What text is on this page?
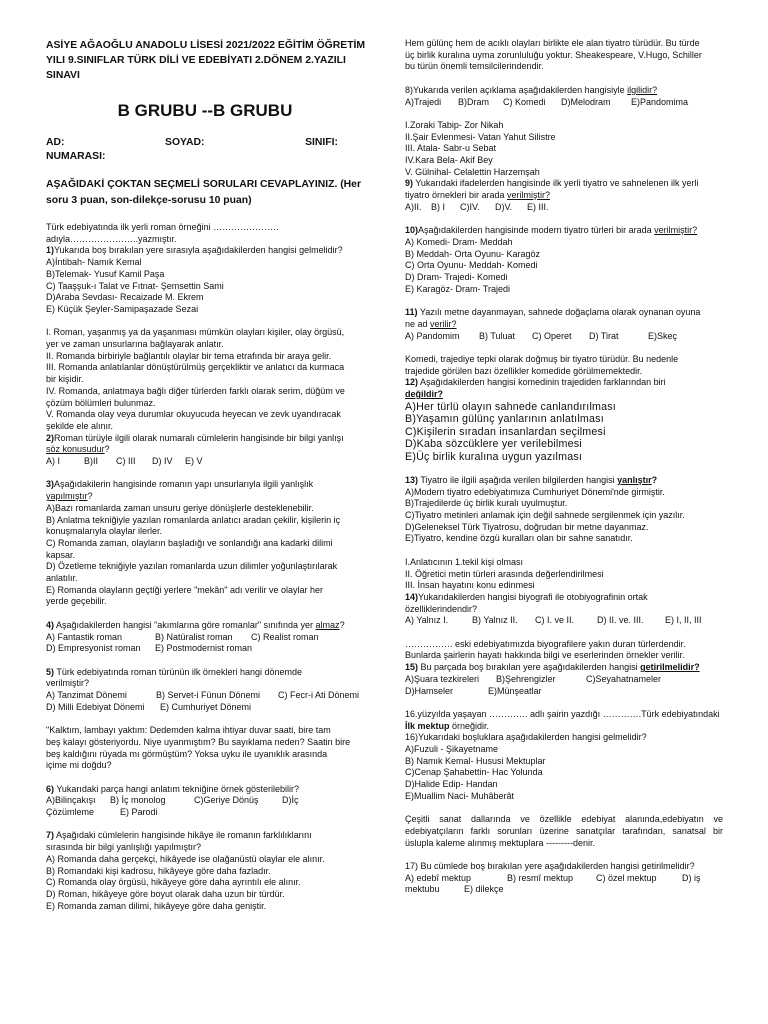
ASİYE AĞAOĞLU ANADOLU LİSESİ 2021/2022 EĞİTİM ÖĞRETİM
YILI 9.SINIFLAR TÜRK DİLİ VE EDEBİYATI 2.DÖNEM 2.YAZILI
SINAVI
B GRUBU --B GRUBU
AD:	SOYAD:	SINIFI:
NUMARASI:
AŞAĞIDAKİ ÇOKTAN SEÇMELİ SORULARI CEVAPLAYINIZ. (Her
soru 3 puan, son-dilekçe-sorusu 10 puan)
Türk edebiyatında ilk yerli roman örneğini ………………….
adıyla…………………..yazmıştır.
1)Yukarıda boş bırakılan yere sırasıyla aşağıdakilerden hangisi gelmelidir?
A)İntibah- Namık Kemal
B)Telemak- Yusuf Kamil Paşa
C) Taaşşuk-ı Talat ve Fıtnat- Şemsettin Sami
D)Araba Sevdası- Recaizade M. Ekrem
E) Küçük Şeyler-Samipaşazade Sezai
I. Roman, yaşanmış ya da yaşanması mümkün olayları kişiler, olay örgüsü,
yer ve zaman unsurlarına bağlayarak anlatır.
II. Romanda birbiriyle bağlantılı olaylar bir tema etrafında bir araya gelir.
III. Romanda anlatılanlar dönüştürülmüş gerçekliktir ve anlatıcı da kurmaca
bir kişidir.
IV. Romanda, anlatmaya bağlı diğer türlerden farklı olarak serim, düğüm ve
çözüm bölümleri bulunmaz.
V. Romanda olay veya durumlar okuyucuda heyecan ve zevk uyandıracak
şekilde ele alınır.
2)Roman türüyle ilgili olarak numaralı cümlelerin hangisinde bir bilgi yanlışı
söz konusudur?
A) I	B)II C) III D) IV E) V
3)Aşağıdakilerin hangisinde romanın yapı unsurlarıyla ilgili yanlışlık
yapılmıştır?
A)Bazı romanlarda zaman unsuru geriye dönüşlerle desteklenebilir.
B) Anlatma tekniğiyle yazılan romanlarda anlatıcı aradan çekilir, kişilerin iç
konuşmalarıyla olaylar ilerler.
C) Romanda zaman, olayların başladığı ve sonlandığı ana kadarki dilimi
kapsar.
D) Özetleme tekniğiyle yazılan romanlarda uzun dilimler yoğunlaştırılarak
anlatılır.
E) Romanda olayların geçtiği yerlere "mekân" adı verilir ve olaylar her
yerde geçebilir.
4) Aşağıdakilerden hangisi "akımlarına göre romanlar" sınıfında yer almaz?
A) Fantastik roman	B) Natüralist roman C) Realist roman
D) Empresyonist roman E) Postmodernist roman
5) Türk edebiyatında roman türünün ilk örnekleri hangi dönemde
verilmiştir?
A) Tanzimat Dönemi	B) Servet-i Fünun Dönemi C) Fecr-i Ati Dönemi
D) Milli Edebiyat Dönemi E) Cumhuriyet Dönemi
"Kalktım, lambayı yaktım: Dedemden kalma ihtiyar duvar saati, bire tam
beş kalayı gösteriyordu. Niye uyanmıştım? Bu sayıklama neden? Saatin bire
beş kaldığını rüyada mı görmüştüm? Yoksa uyku ile uyanıklık arasında
içime mi doğdu?
6) Yukarıdaki parça hangi anlatım tekniğine örnek gösterilebilir?
A)Bilinçakışı B) İç monolog	C)Geriye Dönüş	D)İç
Çözümleme	E) Parodi
7) Aşağıdaki cümlelerin hangisinde hikâye ile romanın farklılıklarını
sırasında bir bilgi yanlışlığı yapılmıştır?
A) Romanda daha gerçekçi, hikâyede ise olağanüstü olaylar ele alınır.
B) Romandaki kişi kadrosu, hikâyeye göre daha fazladır.
C) Romanda olay örgüsü, hikâyeye göre daha ayrıntılı ele alınır.
D) Roman, hikâyeye göre boyut olarak daha uzun bir türdür.
E) Romanda zaman dilimi, hikâyeye göre daha geniştir.
Hem gülünç hem de acıklı olayları birlikte ele alan tiyatro türüdür. Bu türde
üç birlik kuralına uyma zorunluluğu yoktur. Sheakespeare, V.Hugo, Schiller
bu türün önemli temsilcilerindendir.
8)Yukarıda verilen açıklama aşağıdakilerden hangisiyle ilgilidir?
A)Trajedi B)Dram C) Komedi D)Melodram E)Pandomima
I.Zoraki Tabip- Zor Nikah
II.Şair Evlenmesi- Vatan Yahut Silistre
III. Atala- Sabr-u Sebat
IV.Kara Bela- Akif Bey
V. Gülnihal- Celalettin Harzemşah
9) Yukarıdaki ifadelerden hangisinde ilk yerli tiyatro ve sahnelenen ilk yerli
tiyatro örnekleri bir arada verilmiştir?
A)II. B) I C)IV. D)V. E) III.
10)Aşağıdakilerden hangisinde modern tiyatro türleri bir arada verilmiştir?
A) Komedi- Dram- Meddah
B) Meddah- Orta Oyunu- Karagöz
C) Orta Oyunu- Meddah- Komedi
D) Dram- Trajedi- Komedi
E) Karagöz- Dram- Trajedi
11) Yazılı metne dayanmayan, sahnede doğaçlama olarak oynanan oyuna
ne ad verilir?
A) Pandomim B) Tuluat C) Operet D) Tirat	E)Skeç
Komedi, trajediye tepki olarak doğmuş bir tiyatro türüdür. Bu nedenle
trajedide görülen bazı özellikler komedide görülmemektedir.
12) Aşağıdakilerden hangisi komedinin trajediden farklarından biri
değildir?
A)Her türlü olayın sahnede canlandırılması
B)Yaşamın gülünç yanlarının anlatılması
C)Kişilerin sıradan insanlardan seçilmesi
D)Kaba sözcüklere yer verilebilmesi
E)Üç birlik kuralına uygun yazılması
13) Tiyatro ile ilgili aşağıda verilen bilgilerden hangisi yanlıştır?
A)Modern tiyatro edebiyatımıza Cumhuriyet Dönemi'nde girmiştir.
B)Trajedilerde üç birlik kuralı uyulmuştur.
C)Tiyatro metinleri anlamak için değil sahnede sergilenmek için yazılır.
D)Geleneksel Türk Tiyatrosu, doğrudan bir metne dayanmaz.
E)Tiyatro, kendine özgü kuralları olan bir sahne sanatıdır.
I.Anlatıcının 1.tekil kişi olması
II. Öğretici metin türleri arasında değerlendirilmesi
III. İnsan hayatını konu edinmesi
14)Yukarıdakilerden hangisi biyografi ile otobiyografinin ortak
özelliklerindendir?
A) Yalnız I.	B) Yalnız II. C) I. ve II.	D) II. ve. III. E) I, II, III
……………. eski edebiyatımızda biyografilere yakın duran türlerdendir.
Bunlarda şairlerin hayatı hakkında bilgi ve eserlerinden örnekler verilir.
15) Bu parçada boş bırakılan yere aşağıdakilerden hangisi getirilmelidir?
A)Şuara tezkireleri B)Şehrengizler	C)Seyahatnameler
D)Hamseler	E)Münşeatlar
16.yüzyılda yaşayan …………. adlı şairin yazdığı ………….Türk edebiyatındaki
İlk mektup örneğidir.
16)Yukarıdaki boşluklara aşağıdakilerden hangisi gelmelidir?
A)Fuzuli - Şikayetname
B) Namık Kemal- Hususi Mektuplar
C)Cenap Şahabettin- Hac Yolunda
D)Halide Edip- Handan
E)Muallim Naci- Muhâberât
Çeşitli sanat dallarında ve özellikle edebiyat alanında,edebiyatın ve
edebiyatçıların farklı sorunları üzerine sanatçılar tarafından, sanatsal bir
üslupla kaleme alınmış mektuplara ---------denir.
17) Bu cümlede boş bırakılan yere aşağıdakilerden hangisi getirilmelidir?
A) edebî mektup	B) resmî mektup	C) özel mektup	D) iş
mektubu	E) dilekçe
